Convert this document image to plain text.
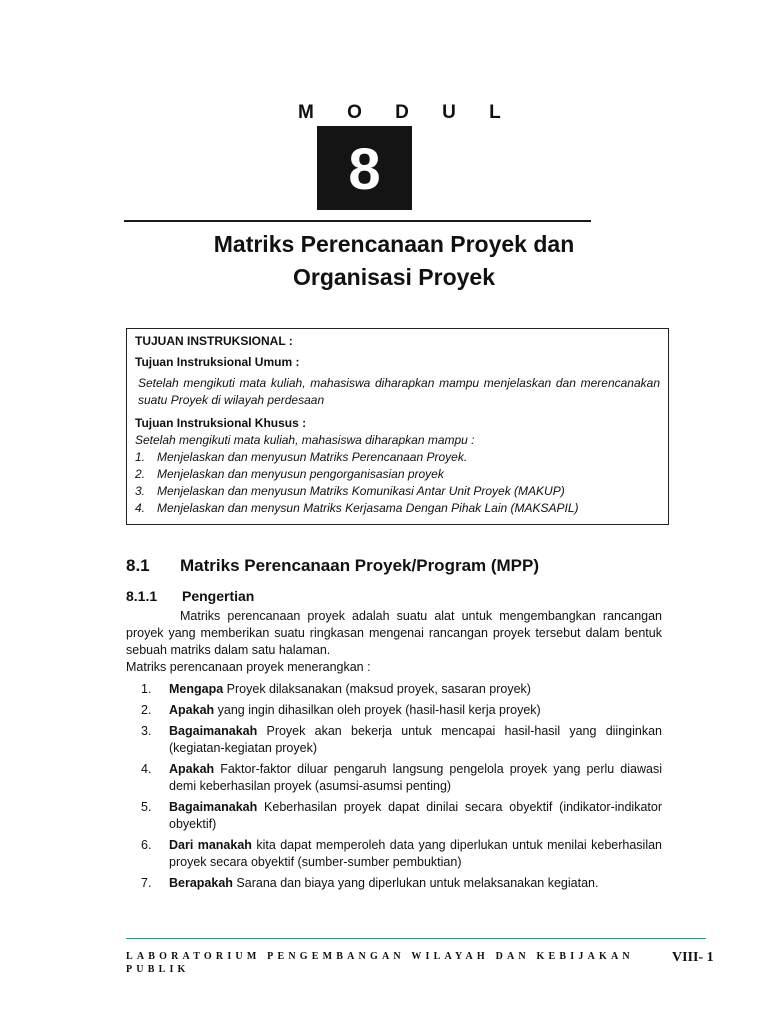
M O D U L
8
Matriks Perencanaan Proyek dan
Organisasi Proyek
TUJUAN INSTRUKSIONAL :
Tujuan Instruksional Umum :
Setelah mengikuti mata kuliah, mahasiswa diharapkan mampu menjelaskan dan merencanakan suatu Proyek di wilayah perdesaan
Tujuan Instruksional Khusus :
Setelah mengikuti mata kuliah, mahasiswa diharapkan mampu :
1. Menjelaskan dan menyusun Matriks Perencanaan Proyek.
2. Menjelaskan dan menyusun pengorganisasian proyek
3. Menjelaskan dan menyusun Matriks Komunikasi Antar Unit Proyek (MAKUP)
4. Menjelaskan dan menysun Matriks Kerjasama Dengan Pihak Lain (MAKSAPIL)
8.1 Matriks Perencanaan Proyek/Program (MPP)
8.1.1 Pengertian
Matriks perencanaan proyek adalah suatu alat untuk mengembangkan rancangan proyek yang memberikan suatu ringkasan mengenai rancangan proyek tersebut dalam bentuk sebuah matriks dalam satu halaman.
Matriks perencanaan proyek menerangkan :
1.	Mengapa Proyek dilaksanakan (maksud proyek, sasaran proyek)
2.	Apakah yang ingin dihasilkan oleh proyek (hasil-hasil kerja proyek)
3.	Bagaimanakah Proyek akan bekerja untuk mencapai hasil-hasil yang diinginkan (kegiatan-kegiatan proyek)
4.	Apakah Faktor-faktor diluar pengaruh langsung pengelola proyek yang perlu diawasi demi keberhasilan proyek (asumsi-asumsi penting)
5.	Bagaimanakah Keberhasilan proyek dapat dinilai secara obyektif (indikator-indikator obyektif)
6.	Dari manakah kita dapat memperoleh data yang diperlukan untuk menilai keberhasilan proyek secara obyektif (sumber-sumber pembuktian)
7.	Berapakah Sarana dan biaya yang diperlukan untuk melaksanakan kegiatan.
LABORATORIUM PENGEMBANGAN WILAYAH DAN KEBIJAKAN PUBLIK
VIII- 1
